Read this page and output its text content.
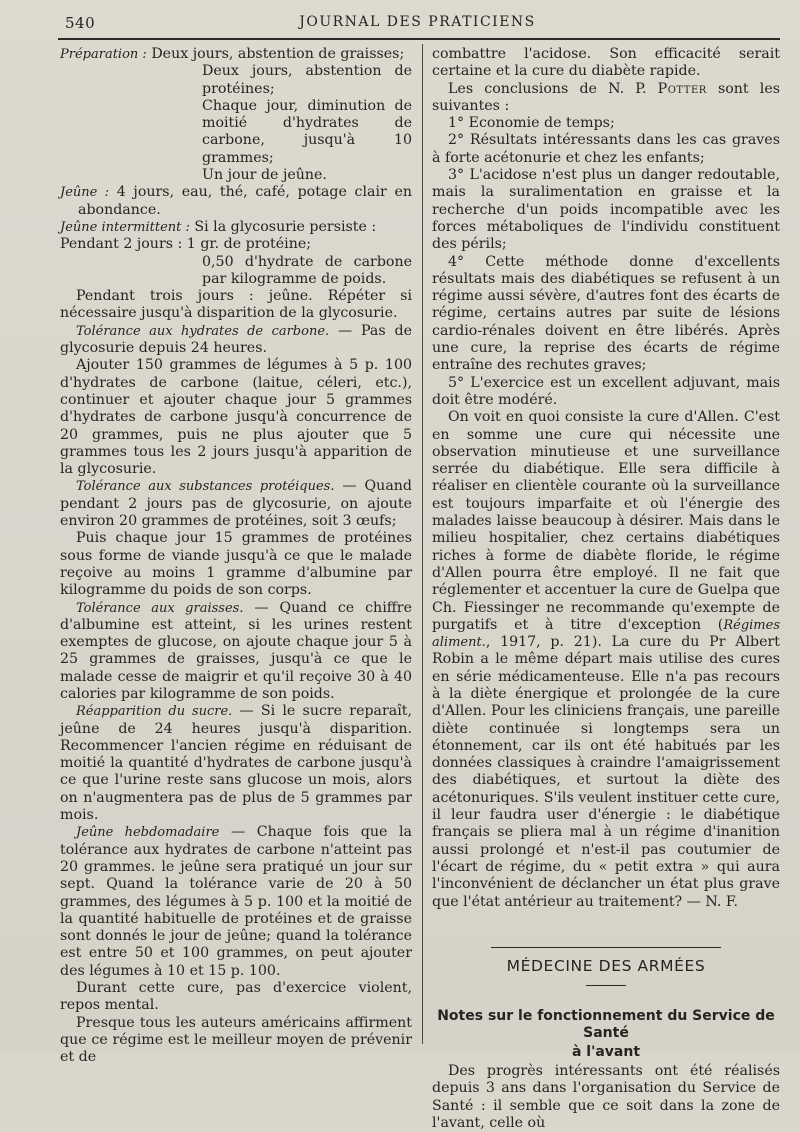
540	JOURNAL DES PRATICIENS

Préparation : Deux jours, abstention de graisses;

Deux jours, abstention de protéines;

Chaque jour, diminution de moitié d'hydrates de carbone, jusqu'à 10 grammes;

Un jour de jeûne.

Jeûne : 4 jours, eau, thé, café, potage clair en abondance.

Jeûne intermittent : Si la glycosurie persiste :

Pendant 2 jours : 1 gr. de protéine;

0,50 d'hydrate de carbone par kilogramme de poids.

Pendant trois jours : jeûne. Répéter si nécessaire jusqu'à disparition de la glycosurie.

Tolérance aux hydrates de carbone. — Pas de glycosurie depuis 24 heures.

Ajouter 150 grammes de légumes à 5 p. 100 d'hydrates de carbone (laitue, céleri, etc.), continuer et ajouter chaque jour 5 grammes d'hydrates de carbone jusqu'à concurrence de 20 grammes, puis ne plus ajouter que 5 grammes tous les 2 jours jusqu'à apparition de la glycosurie.

Tolérance aux substances protéiques. — Quand pendant 2 jours pas de glycosurie, on ajoute environ 20 grammes de protéines, soit 3 œufs;

Puis chaque jour 15 grammes de protéines sous forme de viande jusqu'à ce que le malade reçoive au moins 1 gramme d'albumine par kilogramme du poids de son corps.

Tolérance aux graisses. — Quand ce chiffre d'albumine est atteint, si les urines restent exemptes de glucose, on ajoute chaque jour 5 à 25 grammes de graisses, jusqu'à ce que le malade cesse de maigrir et qu'il reçoive 30 à 40 calories par kilogramme de son poids.

Réapparition du sucre. — Si le sucre reparaît, jeûne de 24 heures jusqu'à disparition. Recommencer l'ancien régime en réduisant de moitié la quantité d'hydrates de carbone jusqu'à ce que l'urine reste sans glucose un mois, alors on n'augmentera pas de plus de 5 grammes par mois.

Jeûne hebdomadaire — Chaque fois que la tolérance aux hydrates de carbone n'atteint pas 20 grammes. le jeûne sera pratiqué un jour sur sept. Quand la tolérance varie de 20 à 50 grammes, des légumes à 5 p. 100 et la moitié de la quantité habituelle de protéines et de graisse sont donnés le jour de jeûne; quand la tolérance est entre 50 et 100 grammes, on peut ajouter des légumes à 10 et 15 p. 100.

Durant cette cure, pas d'exercice violent, repos mental.

Presque tous les auteurs américains affirment que ce régime est le meilleur moyen de prévenir et de

combattre l'acidose. Son efficacité serait certaine et la cure du diabète rapide.

Les conclusions de N. P. Potter sont les suivantes :

1° Economie de temps;

2° Résultats intéressants dans les cas graves à forte acétonurie et chez les enfants;

3° L'acidose n'est plus un danger redoutable, mais la suralimentation en graisse et la recherche d'un poids incompatible avec les forces métaboliques de l'individu constituent des périls;

4° Cette méthode donne d'excellents résultats mais des diabétiques se refusent à un régime aussi sévère, d'autres font des écarts de régime, certains autres par suite de lésions cardio-rénales doivent en être libérés. Après une cure, la reprise des écarts de régime entraîne des rechutes graves;

5° L'exercice est un excellent adjuvant, mais doit être modéré.

On voit en quoi consiste la cure d'Allen. C'est en somme une cure qui nécessite une observation minutieuse et une surveillance serrée du diabétique. Elle sera difficile à réaliser en clientèle courante où la surveillance est toujours imparfaite et où l'énergie des malades laisse beaucoup à désirer. Mais dans le milieu hospitalier, chez certains diabétiques riches à forme de diabète floride, le régime d'Allen pourra être employé. Il ne fait que réglementer et accentuer la cure de Guelpa que Ch. Fiessinger ne recommande qu'exempte de purgatifs et à titre d'exception (Régimes aliment., 1917, p. 21). La cure du Pr Albert Robin a le même départ mais utilise des cures en série médicamenteuse. Elle n'a pas recours à la diète énergique et prolongée de la cure d'Allen. Pour les cliniciens français, une pareille diète continuée si longtemps sera un étonnement, car ils ont été habitués par les données classiques à craindre l'amaigrissement des diabétiques, et surtout la diète des acétonuriques. S'ils veulent instituer cette cure, il leur faudra user d'énergie : le diabétique français se pliera mal à un régime d'inanition aussi prolongé et n'est-il pas coutumier de l'écart de régime, du « petit extra » qui aura l'inconvénient de déclancher un état plus grave que l'état antérieur au traitement? — N. F.

MÉDECINE DES ARMÉES
Notes sur le fonctionnement du Service de Santé
à l'avant

Des progrès intéressants ont été réalisés depuis 3 ans dans l'organisation du Service de Santé : il semble que ce soit dans la zone de l'avant, celle où
